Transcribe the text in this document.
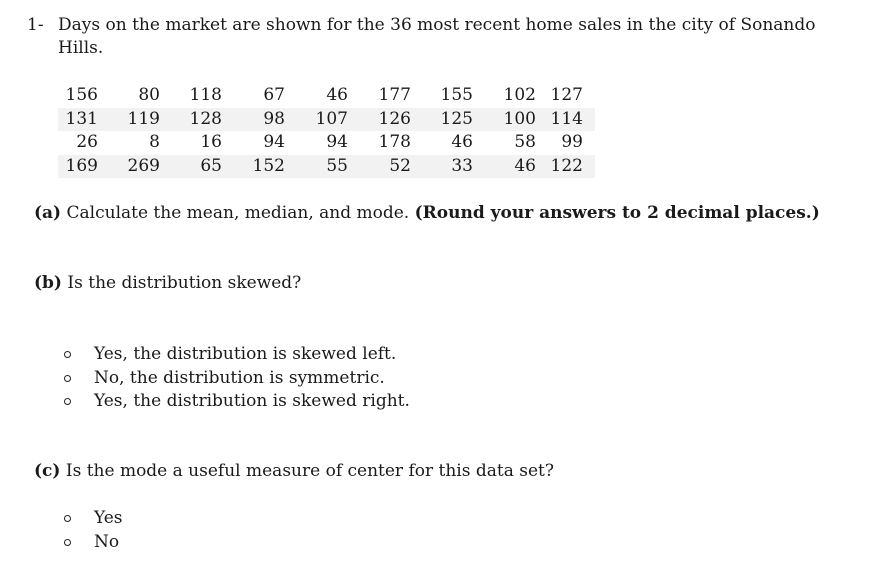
1- Days on the market are shown for the 36 most recent home sales in the city of Sonando Hills.
156	80	118	67	46	177	155	102	127
131	119	128	98	107	126	125	100	114
26	8	16	94	94	178	46	58	99
169	269	65	152	55	52	33	46	122
(a) Calculate the mean, median, and mode. (Round your answers to 2 decimal places.)
(b) Is the distribution skewed?
Yes, the distribution is skewed left.
No, the distribution is symmetric.
Yes, the distribution is skewed right.
(c) Is the mode a useful measure of center for this data set?
Yes
No
